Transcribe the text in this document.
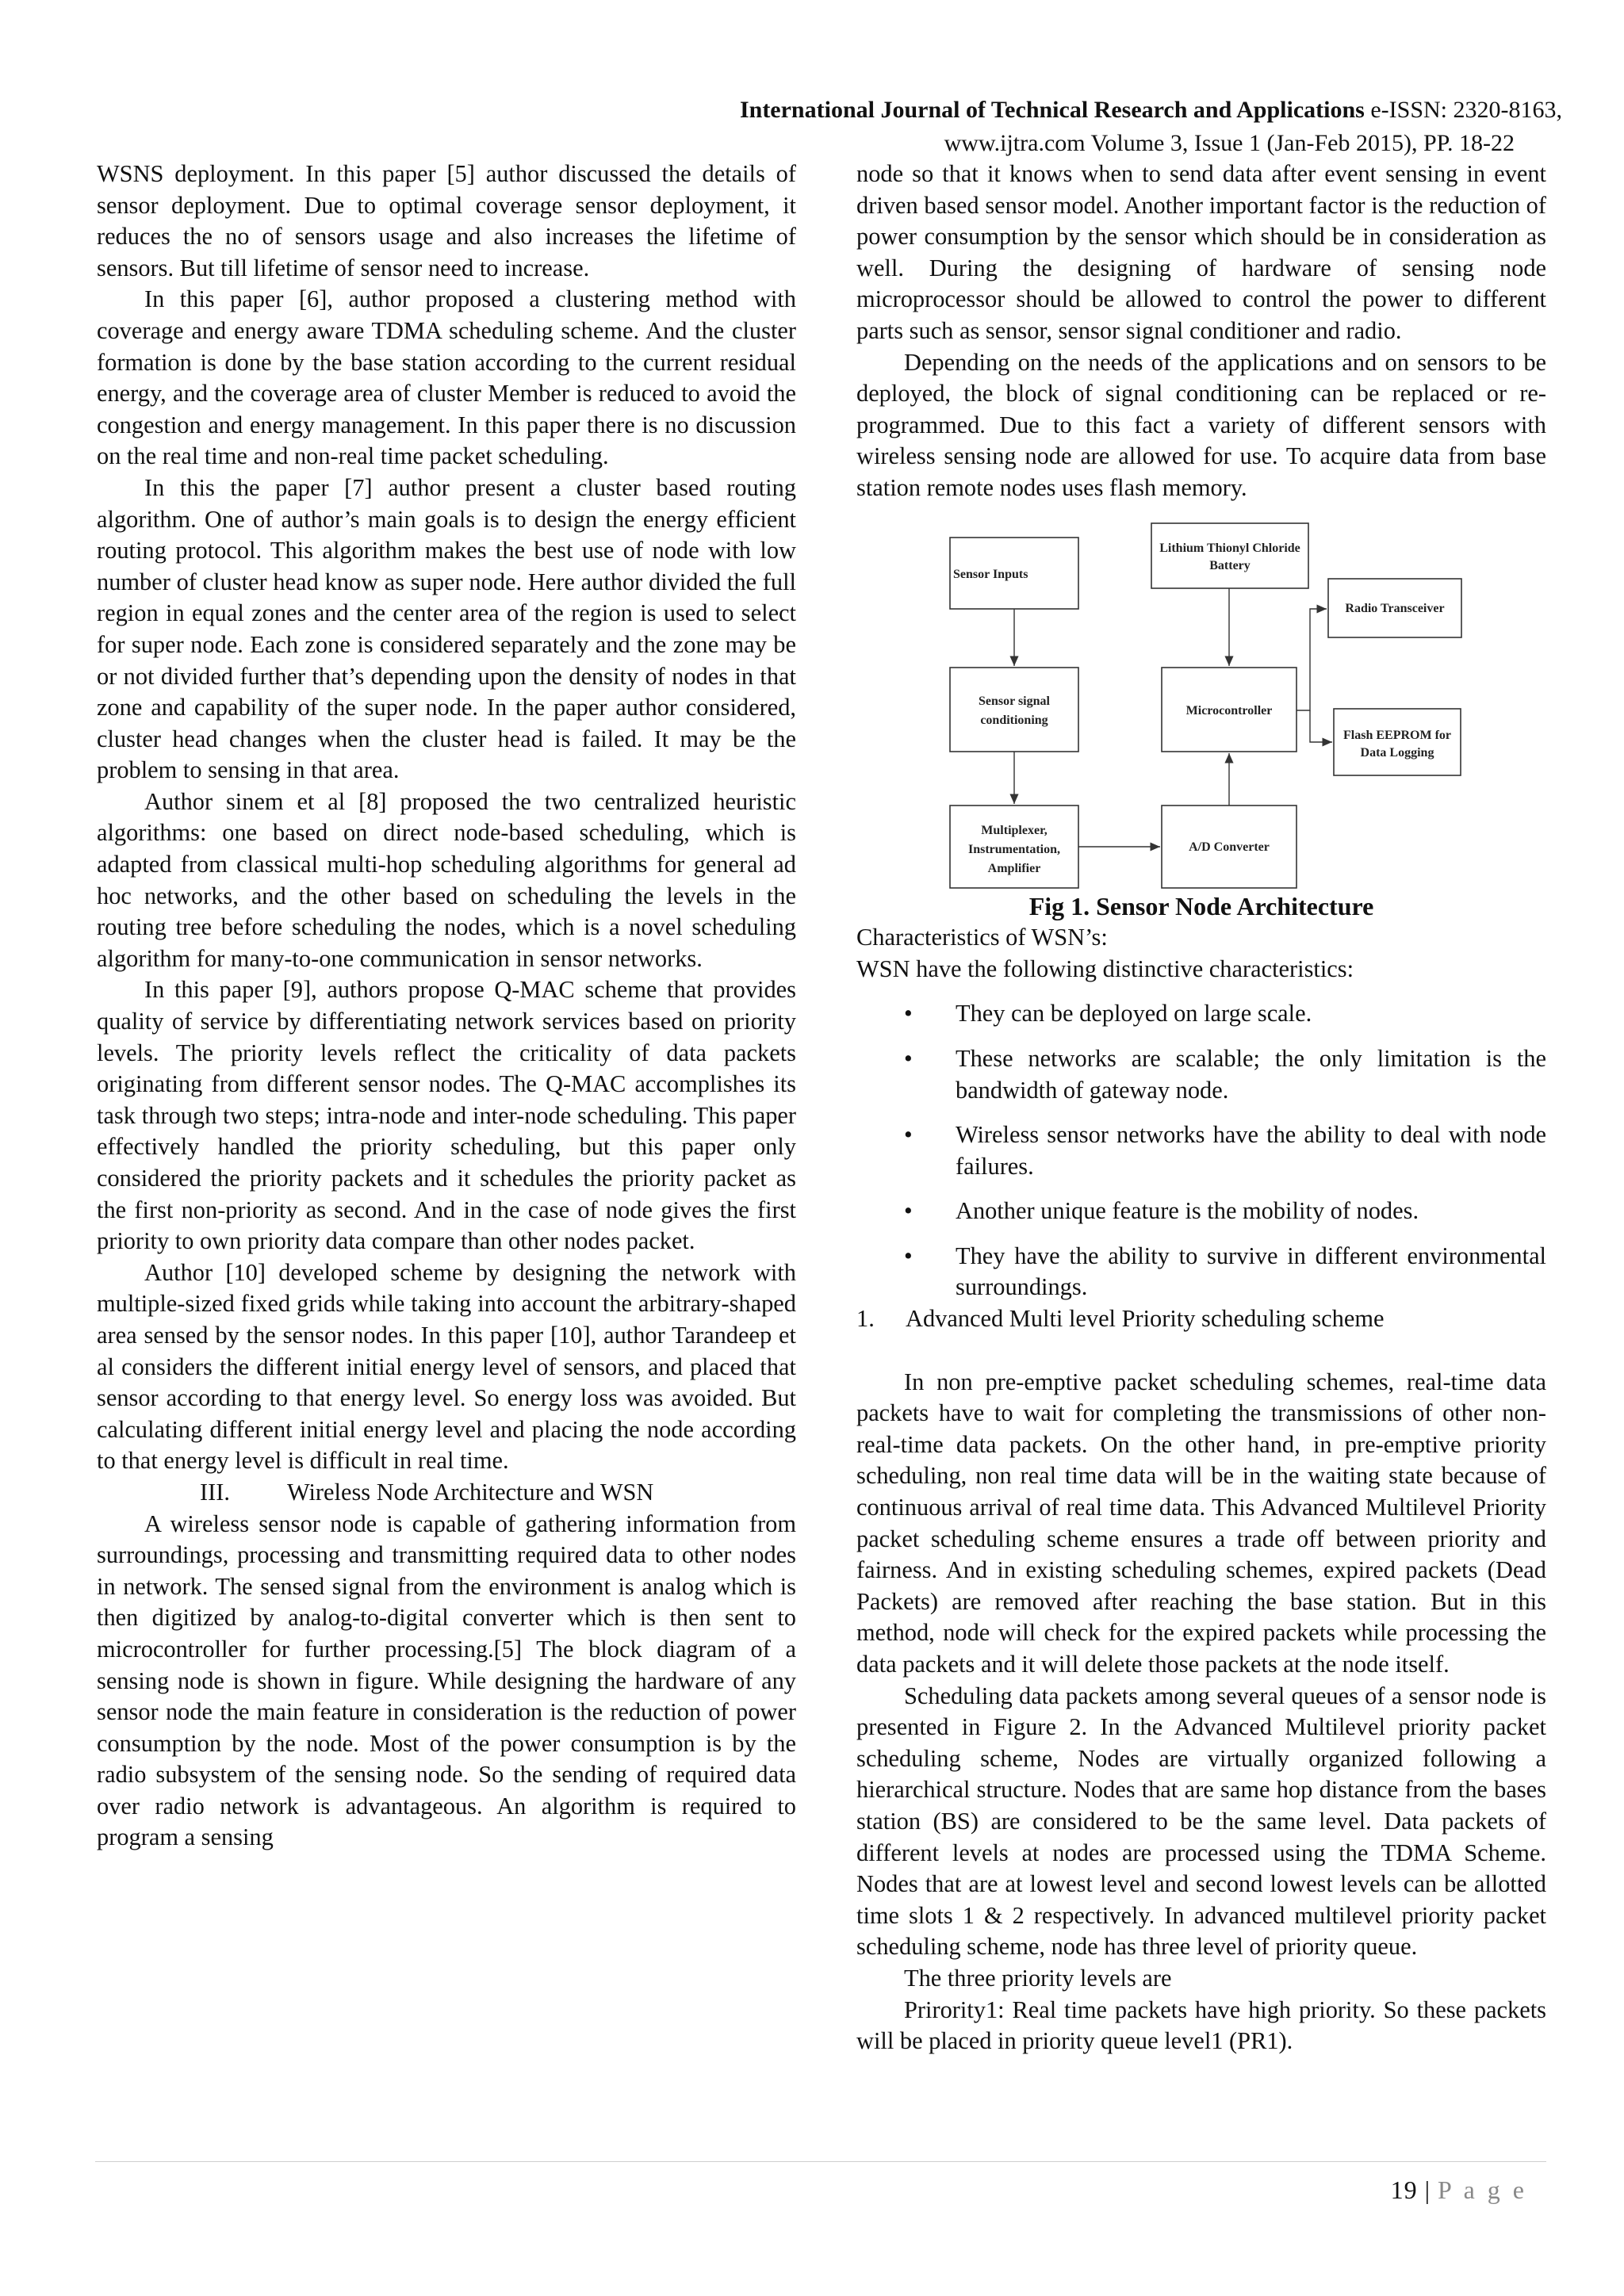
International Journal of Technical Research and Applications e-ISSN: 2320-8163,
www.ijtra.com Volume 3, Issue 1 (Jan-Feb 2015), PP. 18-22

WSNS deployment. In this paper [5] author discussed the details of sensor deployment. Due to optimal coverage sensor deployment, it reduces the no of sensors usage and also increases the lifetime of sensors. But till lifetime of sensor need to increase.

In this paper [6], author proposed a clustering method with coverage and energy aware TDMA scheduling scheme. And the cluster formation is done by the base station according to the current residual energy, and the coverage area of cluster Member is reduced to avoid the congestion and energy management. In this paper there is no discussion on the real time and non-real time packet scheduling.

In this the paper [7] author present a cluster based routing algorithm. One of author’s main goals is to design the energy efficient routing protocol. This algorithm makes the best use of node with low number of cluster head know as super node. Here author divided the full region in equal zones and the center area of the region is used to select for super node. Each zone is considered separately and the zone may be or not divided further that’s depending upon the density of nodes in that zone and capability of the super node. In the paper author considered, cluster head changes when the cluster head is failed. It may be the problem to sensing in that area.

Author sinem et al [8] proposed the two centralized heuristic algorithms: one based on direct node-based scheduling, which is adapted from classical multi-hop scheduling algorithms for general ad hoc networks, and the other based on scheduling the levels in the routing tree before scheduling the nodes, which is a novel scheduling algorithm for many-to-one communication in sensor networks.

In this paper [9], authors propose Q-MAC scheme that provides quality of service by differentiating network services based on priority levels. The priority levels reflect the criticality of data packets originating from different sensor nodes. The Q-MAC accomplishes its task through two steps; intra-node and inter-node scheduling. This paper effectively handled the priority scheduling, but this paper only considered the priority packets and it schedules the priority packet as the first non-priority as second. And in the case of node gives the first priority to own priority data compare than other nodes packet.

Author [10] developed scheme by designing the network with multiple-sized fixed grids while taking into account the arbitrary-shaped area sensed by the sensor nodes. In this paper [10], author Tarandeep et al considers the different initial energy level of sensors, and placed that sensor according to that energy level. So energy loss was avoided. But calculating different initial energy level and placing the node according to that energy level is difficult in real time.

III. Wireless Node Architecture and WSN

A wireless sensor node is capable of gathering information from surroundings, processing and transmitting required data to other nodes in network. The sensed signal from the environment is analog which is then digitized by analog-to-digital converter which is then sent to microcontroller for further processing.[5] The block diagram of a sensing node is shown in figure. While designing the hardware of any sensor node the main feature in consideration is the reduction of power consumption by the node. Most of the power consumption is by the radio subsystem of the sensing node. So the sending of required data over radio network is advantageous. An algorithm is required to program a sensing

node so that it knows when to send data after event sensing in event driven based sensor model. Another important factor is the reduction of power consumption by the sensor which should be in consideration as well. During the designing of hardware of sensing node microprocessor should be allowed to control the power to different parts such as sensor, sensor signal conditioner and radio.

Depending on the needs of the applications and on sensors to be deployed, the block of signal conditioning can be replaced or re-programmed. Due to this fact a variety of different sensors with wireless sensing node are allowed for use. To acquire data from base station remote nodes uses flash memory.

Sensor Inputs
Lithium Thionyl Chloride
Battery
Radio Transceiver
Sensor signal
conditioning
Microcontroller
Flash EEPROM for
Data Logging
Multiplexer,
Instrumentation,
Amplifier
A/D Converter

Fig 1. Sensor Node Architecture

Characteristics of WSN’s:

WSN have the following distinctive characteristics:

• They can be deployed on large scale.
• These networks are scalable; the only limitation is the bandwidth of gateway node.
• Wireless sensor networks have the ability to deal with node failures.
• Another unique feature is the mobility of nodes.
• They have the ability to survive in different environmental surroundings.

1. Advanced Multi level Priority scheduling scheme

In non pre-emptive packet scheduling schemes, real-time data packets have to wait for completing the transmissions of other non-real-time data packets. On the other hand, in pre-emptive priority scheduling, non real time data will be in the waiting state because of continuous arrival of real time data. This Advanced Multilevel Priority packet scheduling scheme ensures a trade off between priority and fairness. And in existing scheduling schemes, expired packets (Dead Packets) are removed after reaching the base station. But in this method, node will check for the expired packets while processing the data packets and it will delete those packets at the node itself.

Scheduling data packets among several queues of a sensor node is presented in Figure 2. In the Advanced Multilevel priority packet scheduling scheme, Nodes are virtually organized following a hierarchical structure. Nodes that are same hop distance from the bases station (BS) are considered to be the same level. Data packets of different levels at nodes are processed using the TDMA Scheme. Nodes that are at lowest level and second lowest levels can be allotted time slots 1 & 2 respectively. In advanced multilevel priority packet scheduling scheme, node has three level of priority queue.

The three priority levels are

Prirority1: Real time packets have high priority. So these packets will be placed in priority queue level1 (PR1).

19 | P a g e
